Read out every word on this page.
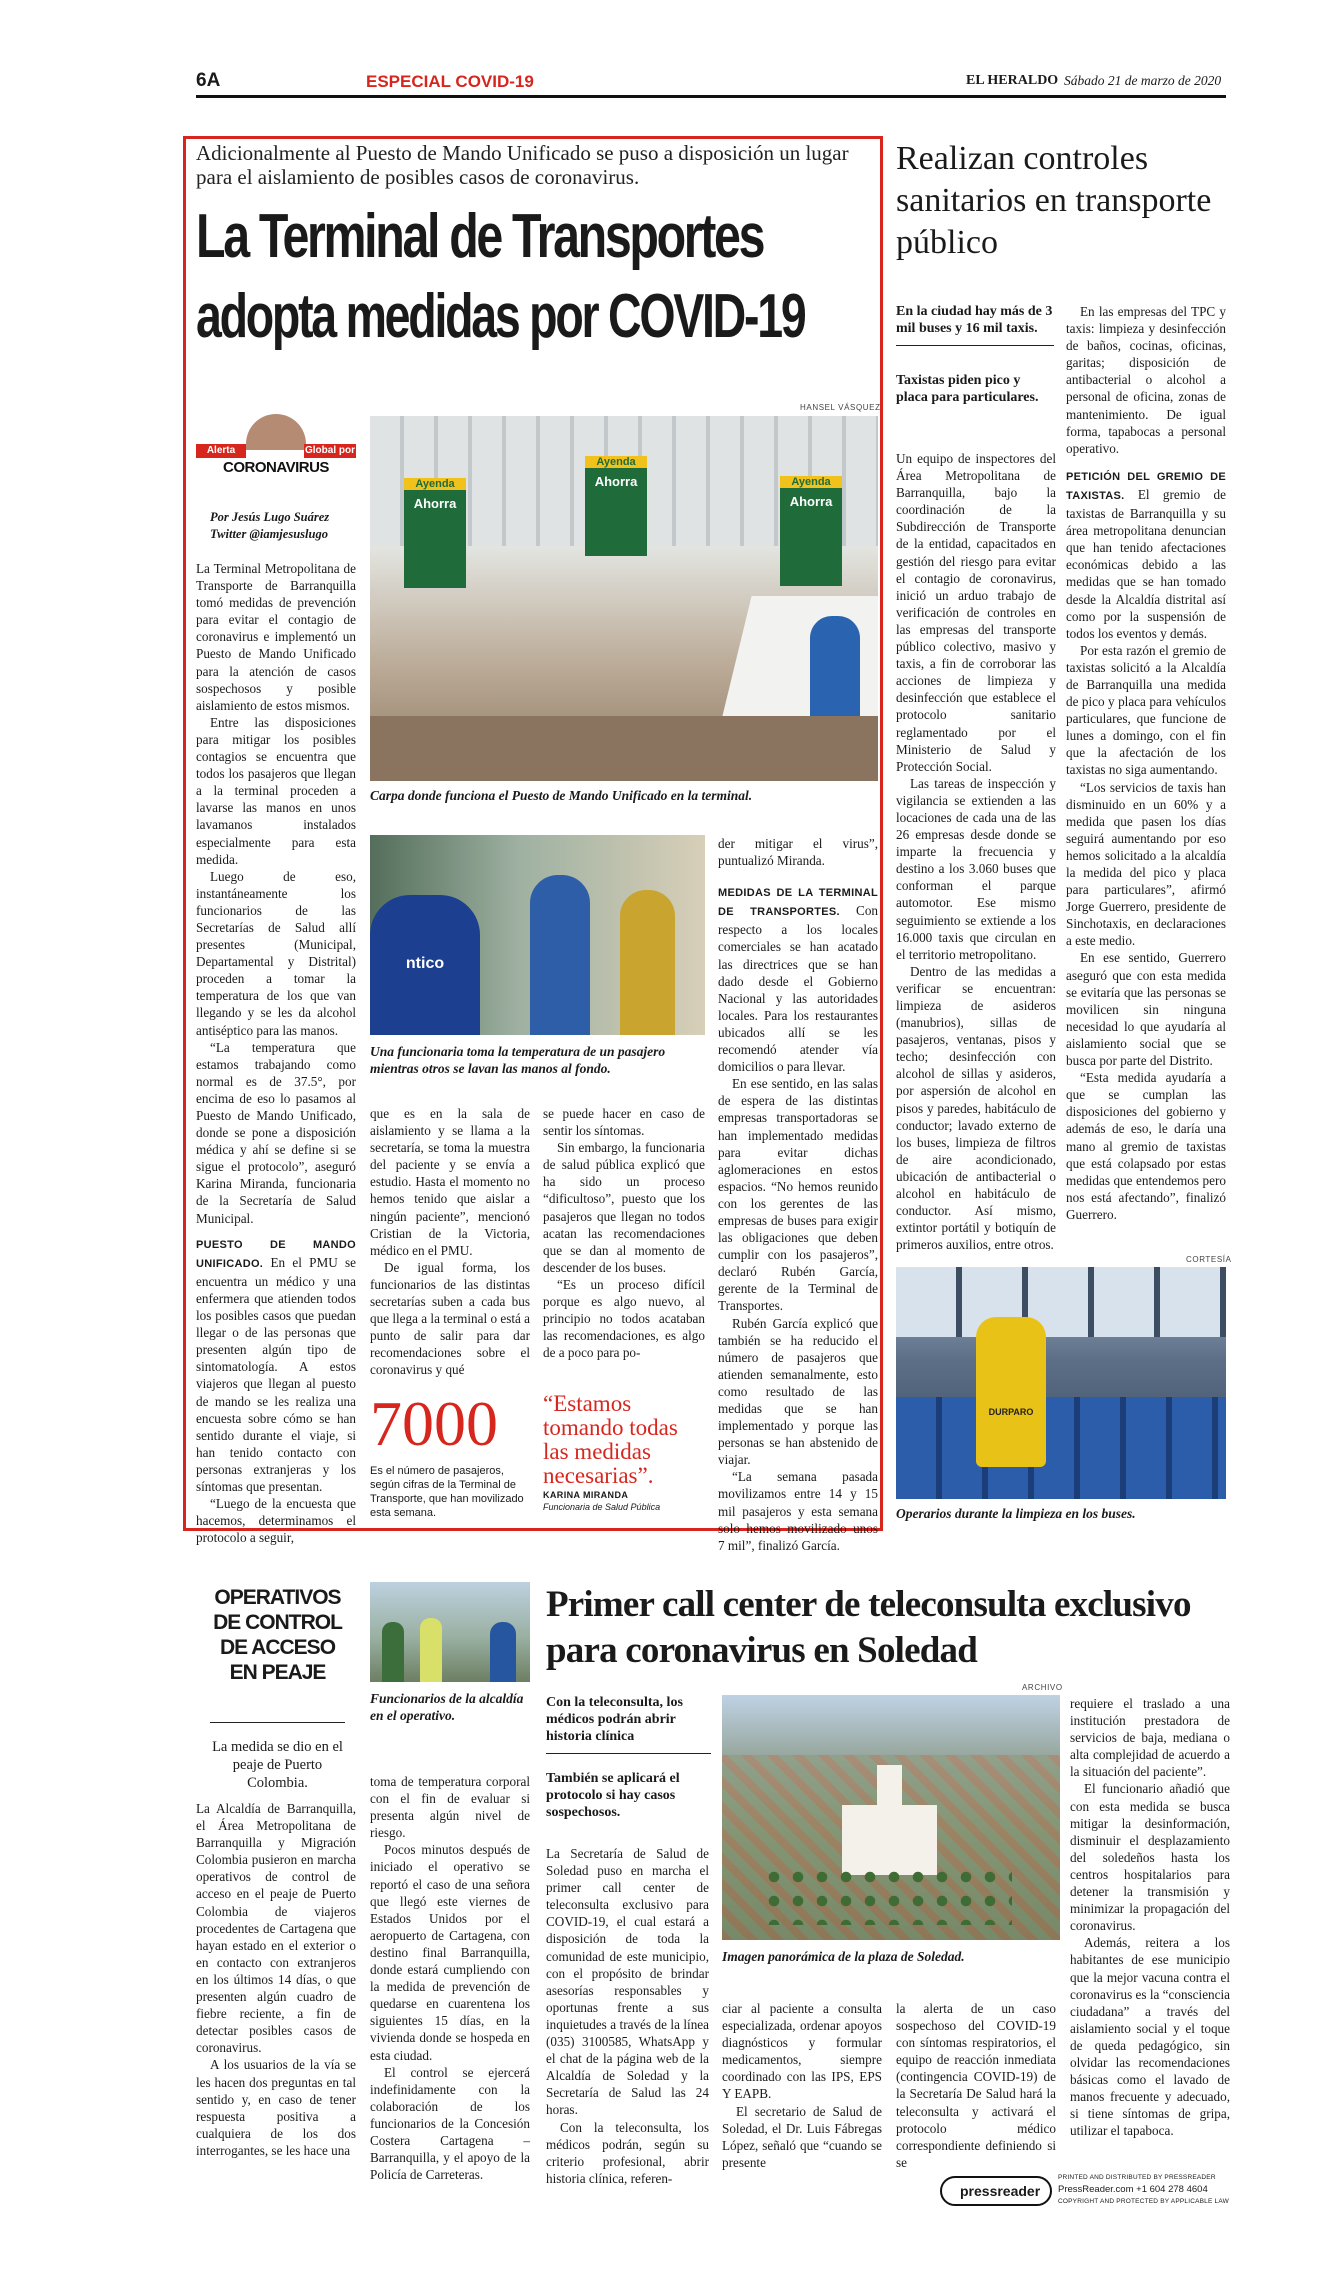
6A	ESPECIAL COVID-19	EL HERALDO Sábado 21 de marzo de 2020
Adicionalmente al Puesto de Mando Unificado se puso a disposición un lugar para el aislamiento de posibles casos de coronavirus.
La Terminal de Transportes
adopta medidas por COVID-19
Alerta	Global por
CORONAVIRUS
Por Jesús Lugo Suárez
Twitter @iamjesuslugo

La Terminal Metropolitana de Transporte de Barranquilla tomó medidas de prevención para evitar el contagio de coronavirus e implementó un Puesto de Mando Unificado para la atención de casos sospechosos y posible aislamiento de estos mismos.

Entre las disposiciones para mitigar los posibles contagios se encuentra que todos los pasajeros que llegan a la terminal proceden a lavarse las manos en unos lavamanos instalados especialmente para esta medida.

Luego de eso, instantáneamente los funcionarios de las Secretarías de Salud allí presentes (Municipal, Departamental y Distrital) proceden a tomar la temperatura de los que van llegando y se les da alcohol antiséptico para las manos.

“La temperatura que estamos trabajando como normal es de 37.5°, por encima de eso lo pasamos al Puesto de Mando Unificado, donde se pone a disposición médica y ahí se define si se sigue el protocolo”, aseguró Karina Miranda, funcionaria de la Secretaría de Salud Municipal.

PUESTO DE MANDO UNIFICADO. En el PMU se encuentra un médico y una enfermera que atienden todos los posibles casos que puedan llegar o de las personas que presenten algún tipo de sintomatología. A estos viajeros que llegan al puesto de mando se les realiza una encuesta sobre cómo se han sentido durante el viaje, si han tenido contacto con personas extranjeras y los síntomas que presentan.

“Luego de la encuesta que hacemos, determinamos el protocolo a seguir,

HANSEL VÁSQUEZ
Ayenda
Ahorra
Ayenda
Ahorra	Ayenda
Ahorra
Carpa donde funciona el Puesto de Mando Unificado en la terminal.
ntico
Una funcionaria toma la temperatura de un pasajero mientras otros se lavan las manos al fondo.

que es en la sala de aislamiento y se llama a la secretaría, se toma la muestra del paciente y se envía a estudio. Hasta el momento no hemos tenido que aislar a ningún paciente”, mencionó Cristian de la Victoria, médico en el PMU.

De igual forma, los funcionarios de las distintas secretarías suben a cada bus que llega a la terminal o está a punto de salir para dar recomendaciones sobre el coronavirus y qué

se puede hacer en caso de sentir los síntomas.

Sin embargo, la funcionaria de salud pública explicó que ha sido un proceso “dificultoso”, puesto que los pasajeros que llegan no todos acatan las recomendaciones que se dan al momento de descender de los buses.

“Es un proceso difícil porque es algo nuevo, al principio no todos acataban las recomendaciones, es algo de a poco para po-

der mitigar el virus”, puntualizó Miranda.

MEDIDAS DE LA TERMINAL DE TRANSPORTES. Con respecto a los locales comerciales se han acatado las directrices que se han dado desde el Gobierno Nacional y las autoridades locales. Para los restaurantes ubicados allí se les recomendó atender vía domicilios o para llevar.

En ese sentido, en las salas de espera de las distintas empresas transportadoras se han implementado medidas para evitar dichas aglomeraciones en estos espacios. “No hemos reunido con los gerentes de las empresas de buses para exigir las obligaciones que deben cumplir con los pasajeros”, declaró Rubén García, gerente de la Terminal de Transportes.

Rubén García explicó que también se ha reducido el número de pasajeros que atienden semanalmente, esto como resultado de las medidas que se han implementado y porque las personas se han abstenido de viajar.

“La semana pasada movilizamos entre 14 y 15 mil pasajeros y esta semana solo hemos movilizado unos 7 mil”, finalizó García.

7000
Es el número de pasajeros, según cifras de la Terminal de Transporte, que han movilizado esta semana.
“Estamos tomando todas las medidas necesarias”.
KARINA MIRANDA
Funcionaria de Salud Pública
Realizan controles sanitarios en transporte público
En la ciudad hay más de 3 mil buses y 16 mil taxis.
Taxistas piden pico y placa para particulares.

Un equipo de inspectores del Área Metropolitana de Barranquilla, bajo la coordinación de la Subdirección de Transporte de la entidad, capacitados en gestión del riesgo para evitar el contagio de coronavirus, inició un arduo trabajo de verificación de controles en las empresas del transporte público colectivo, masivo y taxis, a fin de corroborar las acciones de limpieza y desinfección que establece el protocolo sanitario reglamentado por el Ministerio de Salud y Protección Social.

Las tareas de inspección y vigilancia se extienden a las locaciones de cada una de las 26 empresas desde donde se imparte la frecuencia y destino a los 3.060 buses que conforman el parque automotor. Ese mismo seguimiento se extiende a los 16.000 taxis que circulan en el territorio metropolitano.

Dentro de las medidas a verificar se encuentran: limpieza de asideros (manubrios), sillas de pasajeros, ventanas, pisos y techo; desinfección con alcohol de sillas y asideros, por aspersión de alcohol en pisos y paredes, habitáculo de conductor; lavado externo de los buses, limpieza de filtros de aire acondicionado, ubicación de antibacterial o alcohol en habitáculo de conductor. Así mismo, extintor portátil y botiquín de primeros auxilios, entre otros.

En las empresas del TPC y taxis: limpieza y desinfección de baños, cocinas, oficinas, garitas; disposición de antibacterial o alcohol a personal de oficina, zonas de mantenimiento. De igual forma, tapabocas a personal operativo.

PETICIÓN DEL GREMIO DE TAXISTAS. El gremio de taxistas de Barranquilla y su área metropolitana denuncian que han tenido afectaciones económicas debido a las medidas que se han tomado desde la Alcaldía distrital así como por la suspensión de todos los eventos y demás.

Por esta razón el gremio de taxistas solicitó a la Alcaldía de Barranquilla una medida de pico y placa para vehículos particulares, que funcione de lunes a domingo, con el fin que la afectación de los taxistas no siga aumentando.

“Los servicios de taxis han disminuido en un 60% y a medida que pasen los días seguirá aumentando por eso hemos solicitado a la alcaldía la medida del pico y placa para particulares”, afirmó Jorge Guerrero, presidente de Sinchotaxis, en declaraciones a este medio.

En ese sentido, Guerrero aseguró que con esta medida se evitaría que las personas se movilicen sin ninguna necesidad lo que ayudaría al aislamiento social que se busca por parte del Distrito.

“Esta medida ayudaría a que se cumplan las disposiciones del gobierno y además de eso, le daría una mano al gremio de taxistas que está colapsado por estas medidas que entendemos pero nos está afectando”, finalizó Guerrero.

CORTESÍA
DURPARO
Operarios durante la limpieza en los buses.
OPERATIVOS DE CONTROL DE ACCESO EN PEAJE
La medida se dio en el peaje de Puerto Colombia.
Funcionarios de la alcaldía en el operativo.

La Alcaldía de Barranquilla, el Área Metropolitana de Barranquilla y Migración Colombia pusieron en marcha operativos de control de acceso en el peaje de Puerto Colombia de viajeros procedentes de Cartagena que hayan estado en el exterior o en contacto con extranjeros en los últimos 14 días, o que presenten algún cuadro de fiebre reciente, a fin de detectar posibles casos de coronavirus.

A los usuarios de la vía se les hacen dos preguntas en tal sentido y, en caso de tener respuesta positiva a cualquiera de los dos interrogantes, se les hace una

toma de temperatura corporal con el fin de evaluar si presenta algún nivel de riesgo.

Pocos minutos después de iniciado el operativo se reportó el caso de una señora que llegó este viernes de Estados Unidos por el aeropuerto de Cartagena, con destino final Barranquilla, donde estará cumpliendo con la medida de prevención de quedarse en cuarentena los siguientes 15 días, en la vivienda donde se hospeda en esta ciudad.

El control se ejercerá indefinidamente con la colaboración de los funcionarios de la Concesión Costera Cartagena – Barranquilla, y el apoyo de la Policía de Carreteras.

Primer call center de teleconsulta exclusivo para coronavirus en Soledad
Con la teleconsulta, los médicos podrán abrir historia clínica
También se aplicará el protocolo si hay casos sospechosos.

La Secretaría de Salud de Soledad puso en marcha el primer call center de teleconsulta exclusivo para COVID-19, el cual estará a disposición de toda la comunidad de este municipio, con el propósito de brindar asesorías responsables y oportunas frente a sus inquietudes a través de la línea (035) 3100585, WhatsApp y el chat de la página web de la Alcaldía de Soledad y la Secretaría de Salud las 24 horas.

Con la teleconsulta, los médicos podrán, según su criterio profesional, abrir historia clínica, referen-

ARCHIVO
Imagen panorámica de la plaza de Soledad.

ciar al paciente a consulta especializada, ordenar apoyos diagnósticos y formular medicamentos, siempre coordinado con las IPS, EPS Y EAPB.

El secretario de Salud de Soledad, el Dr. Luis Fábregas López, señaló que “cuando se presente

la alerta de un caso sospechoso del COVID-19 con síntomas respiratorios, el equipo de reacción inmediata (contingencia COVID-19) de la Secretaría De Salud hará la teleconsulta y activará el protocolo médico correspondiente definiendo si se

requiere el traslado a una institución prestadora de servicios de baja, mediana o alta complejidad de acuerdo a la situación del paciente”.

El funcionario añadió que con esta medida se busca mitigar la desinformación, disminuir el desplazamiento del soledeños hasta los centros hospitalarios para detener la transmisión y minimizar la propagación del coronavirus.

Además, reitera a los habitantes de ese municipio que la mejor vacuna contra el coronavirus es la “consciencia ciudadana” a través del aislamiento social y el toque de queda pedagógico, sin olvidar las recomendaciones básicas como el lavado de manos frecuente y adecuado, si tiene síntomas de gripa, utilizar el tapaboca.

pressreader
PRINTED AND DISTRIBUTED BY PRESSREADER
PressReader.com +1 604 278 4604
COPYRIGHT AND PROTECTED BY APPLICABLE LAW
